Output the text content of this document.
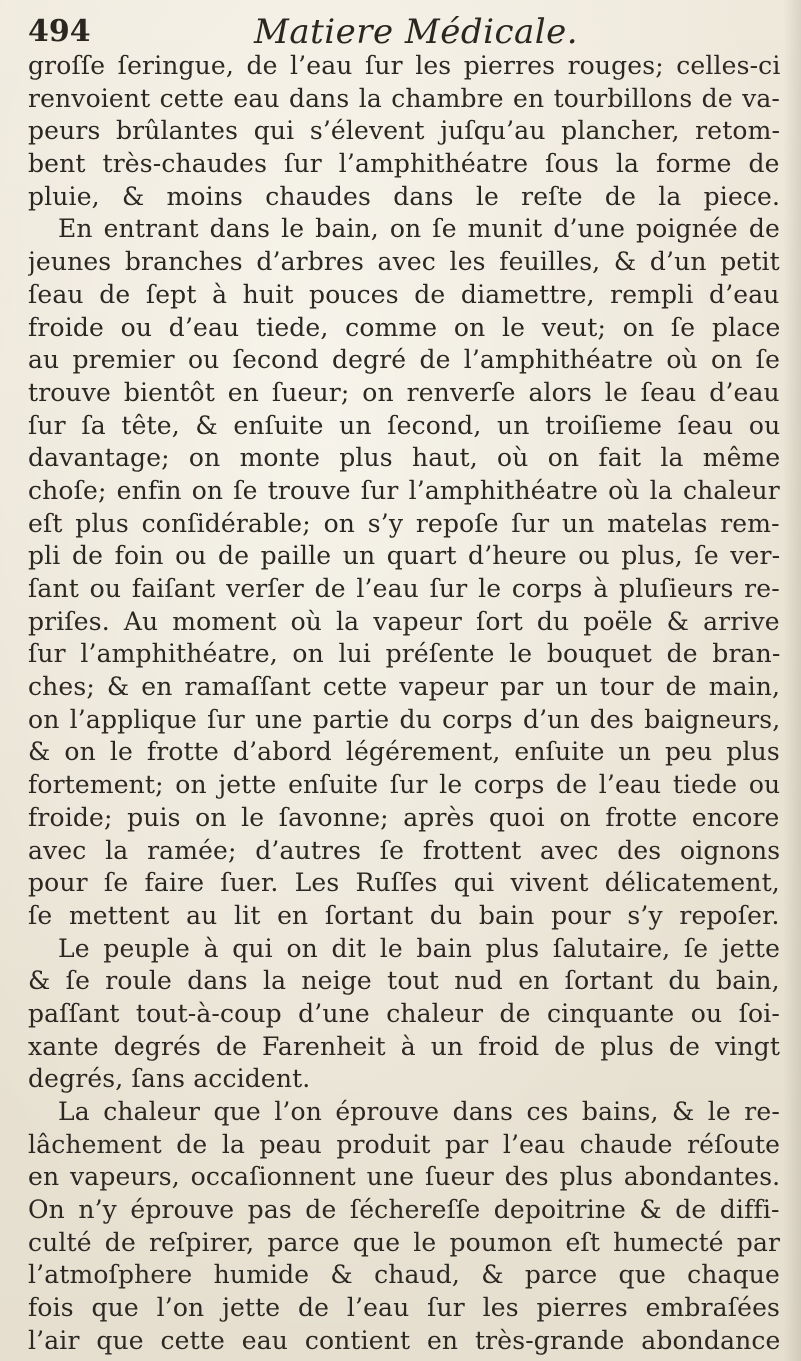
494	Matiere Médicale.
groſſe ſeringue, de l’eau ſur les pierres rouges; celles-ci
renvoient cette eau dans la chambre en tourbillons de va-
peurs brûlantes qui s’élevent juſqu’au plancher, retom-
bent très-chaudes ſur l’amphithéatre ſous la forme de
pluie, & moins chaudes dans le reſte de la piece.
En entrant dans le bain, on ſe munit d’une poignée de
jeunes branches d’arbres avec les feuilles, & d’un petit
ſeau de ſept à huit pouces de diamettre, rempli d’eau
froide ou d’eau tiede, comme on le veut; on ſe place
au premier ou ſecond degré de l’amphithéatre où on ſe
trouve bientôt en ſueur; on renverſe alors le ſeau d’eau
ſur ſa tête, & enſuite un ſecond, un troiſieme ſeau ou
davantage; on monte plus haut, où on fait la même
choſe; enfin on ſe trouve ſur l’amphithéatre où la chaleur
eſt plus conſidérable; on s’y repoſe ſur un matelas rem-
pli de foin ou de paille un quart d’heure ou plus, ſe ver-
ſant ou faiſant verſer de l’eau ſur le corps à pluſieurs re-
priſes. Au moment où la vapeur ſort du poële & arrive
ſur l’amphithéatre, on lui préſente le bouquet de bran-
ches; & en ramaſſant cette vapeur par un tour de main,
on l’applique ſur une partie du corps d’un des baigneurs,
& on le frotte d’abord légérement, enſuite un peu plus
fortement; on jette enſuite ſur le corps de l’eau tiede ou
froide; puis on le ſavonne; après quoi on frotte encore
avec la ramée; d’autres ſe frottent avec des oignons
pour ſe faire ſuer. Les Ruſſes qui vivent délicatement,
ſe mettent au lit en ſortant du bain pour s’y repoſer.
Le peuple à qui on dit le bain plus ſalutaire, ſe jette
& ſe roule dans la neige tout nud en ſortant du bain,
paſſant tout-à-coup d’une chaleur de cinquante ou ſoi-
xante degrés de Farenheit à un froid de plus de vingt
degrés, ſans accident.
La chaleur que l’on éprouve dans ces bains, & le re-
lâchement de la peau produit par l’eau chaude réſoute
en vapeurs, occaſionnent une ſueur des plus abondantes.
On n’y éprouve pas de ſéchereſſe depoitrine & de diffi-
culté de reſpirer, parce que le poumon eſt humecté par
l’atmoſphere humide & chaud, & parce que chaque
fois que l’on jette de l’eau ſur les pierres embraſées
l’air que cette eau contient en très-grande abondance
